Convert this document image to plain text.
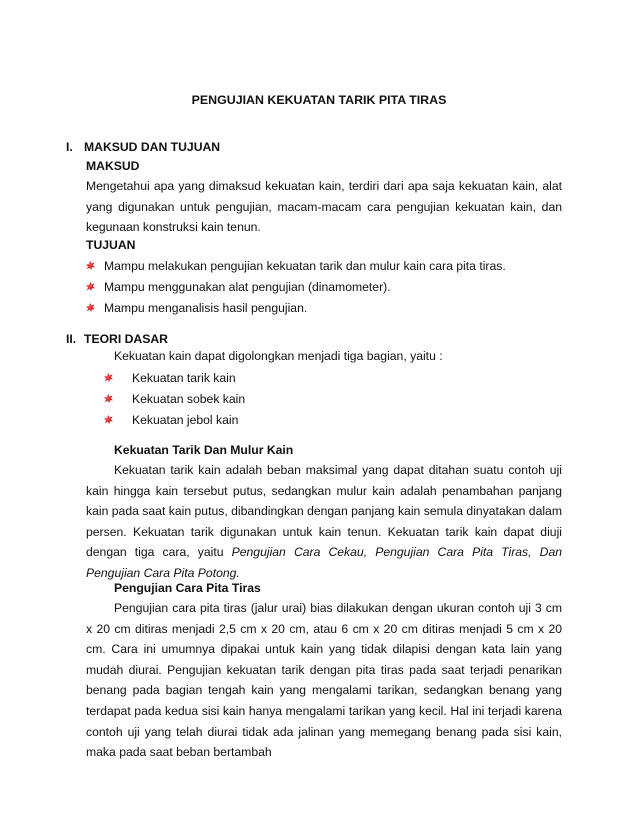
PENGUJIAN KEKUATAN TARIK PITA TIRAS
I. MAKSUD DAN TUJUAN
MAKSUD
Mengetahui apa yang dimaksud kekuatan kain, terdiri dari apa saja kekuatan kain, alat yang digunakan untuk pengujian, macam-macam cara pengujian kekuatan kain, dan kegunaan konstruksi kain tenun.
TUJUAN
Mampu melakukan pengujian kekuatan tarik dan mulur kain cara pita tiras.
Mampu menggunakan alat pengujian (dinamometer).
Mampu menganalisis hasil pengujian.
II. TEORI DASAR
Kekuatan kain dapat digolongkan menjadi tiga bagian, yaitu :
Kekuatan tarik kain
Kekuatan sobek kain
Kekuatan jebol kain
Kekuatan Tarik Dan Mulur Kain
Kekuatan tarik kain adalah beban maksimal yang dapat ditahan suatu contoh uji kain hingga kain tersebut putus, sedangkan mulur kain adalah penambahan panjang kain pada saat kain putus, dibandingkan dengan panjang kain semula dinyatakan dalam persen. Kekuatan tarik digunakan untuk kain tenun. Kekuatan tarik kain dapat diuji dengan tiga cara, yaitu Pengujian Cara Cekau, Pengujian Cara Pita Tiras, Dan Pengujian Cara Pita Potong.
Pengujian Cara Pita Tiras
Pengujian cara pita tiras (jalur urai) bias dilakukan dengan ukuran contoh uji 3 cm x 20 cm ditiras menjadi 2,5 cm x 20 cm, atau 6 cm x 20 cm ditiras menjadi 5 cm x 20 cm. Cara ini umumnya dipakai untuk kain yang tidak dilapisi dengan kata lain yang mudah diurai. Pengujian kekuatan tarik dengan pita tiras pada saat terjadi penarikan benang pada bagian tengah kain yang mengalami tarikan, sedangkan benang yang terdapat pada kedua sisi kain hanya mengalami tarikan yang kecil. Hal ini terjadi karena contoh uji yang telah diurai tidak ada jalinan yang memegang benang pada sisi kain, maka pada saat beban bertambah
